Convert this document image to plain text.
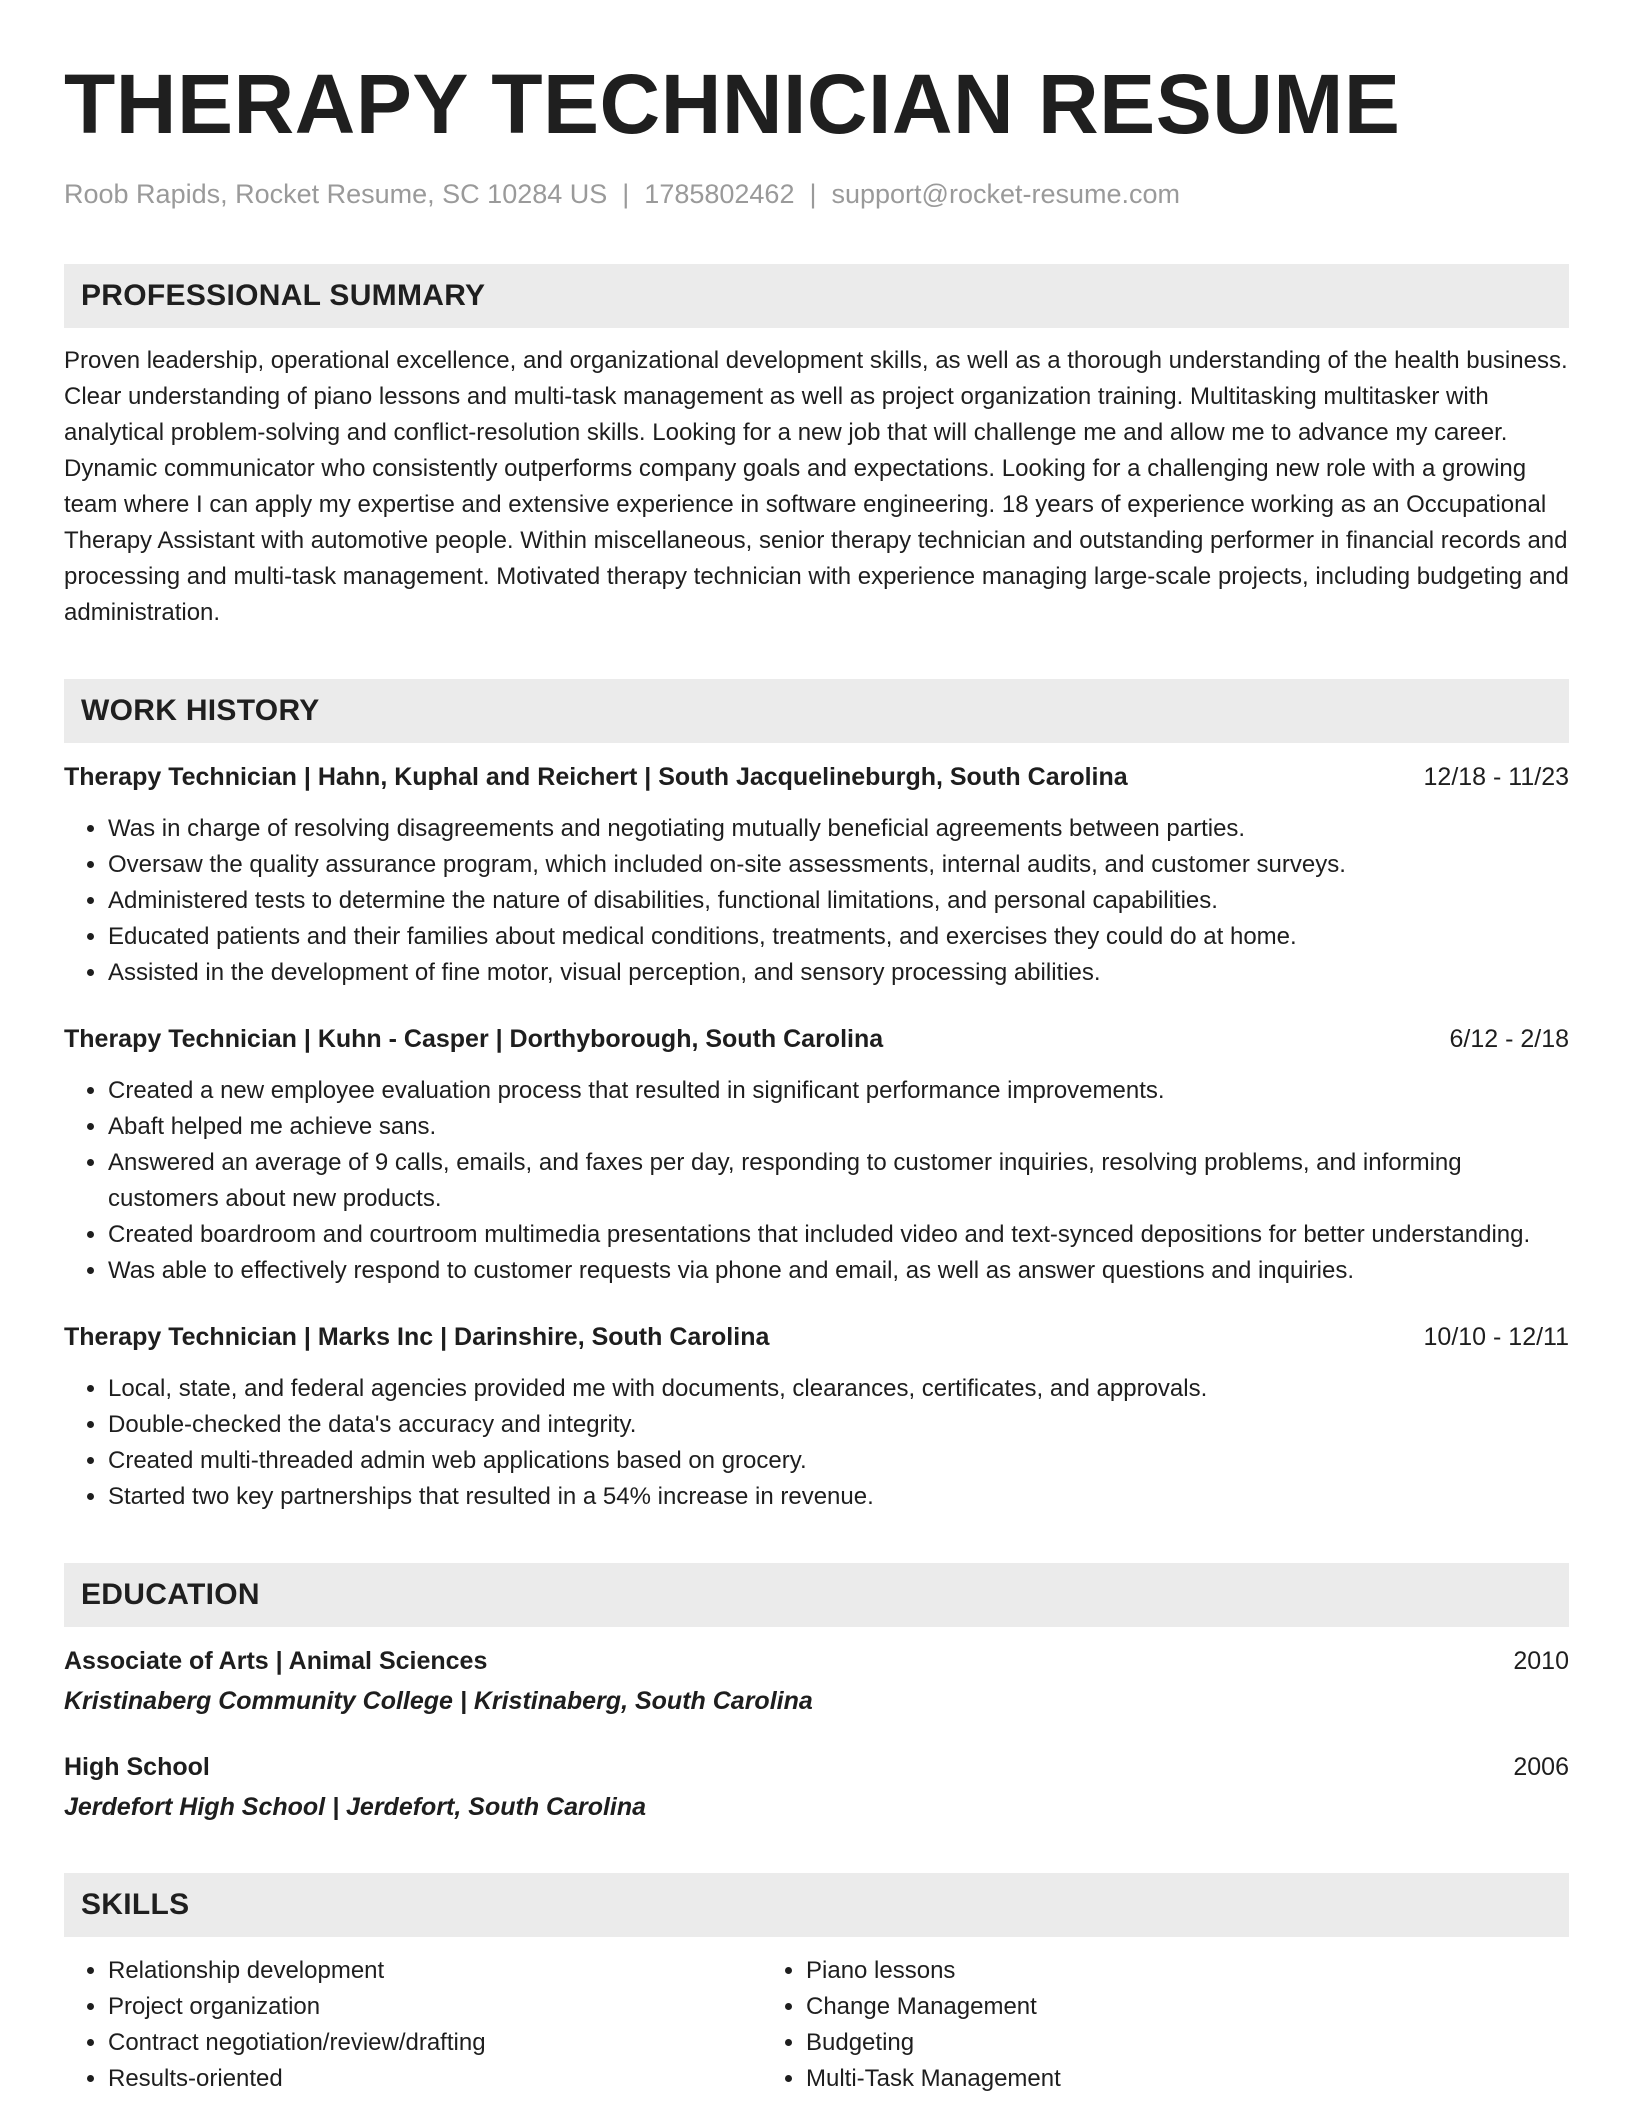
THERAPY TECHNICIAN RESUME
Roob Rapids, Rocket Resume, SC 10284 US | 1785802462 | support@rocket-resume.com
PROFESSIONAL SUMMARY
Proven leadership, operational excellence, and organizational development skills, as well as a thorough understanding of the health business. Clear understanding of piano lessons and multi-task management as well as project organization training. Multitasking multitasker with analytical problem-solving and conflict-resolution skills. Looking for a new job that will challenge me and allow me to advance my career. Dynamic communicator who consistently outperforms company goals and expectations. Looking for a challenging new role with a growing team where I can apply my expertise and extensive experience in software engineering. 18 years of experience working as an Occupational Therapy Assistant with automotive people. Within miscellaneous, senior therapy technician and outstanding performer in financial records and processing and multi-task management. Motivated therapy technician with experience managing large-scale projects, including budgeting and administration.
WORK HISTORY
Therapy Technician | Hahn, Kuphal and Reichert | South Jacquelineburgh, South Carolina	12/18 - 11/23
• Was in charge of resolving disagreements and negotiating mutually beneficial agreements between parties.
• Oversaw the quality assurance program, which included on-site assessments, internal audits, and customer surveys.
• Administered tests to determine the nature of disabilities, functional limitations, and personal capabilities.
• Educated patients and their families about medical conditions, treatments, and exercises they could do at home.
• Assisted in the development of fine motor, visual perception, and sensory processing abilities.
Therapy Technician | Kuhn - Casper | Dorthyborough, South Carolina	6/12 - 2/18
• Created a new employee evaluation process that resulted in significant performance improvements.
• Abaft helped me achieve sans.
• Answered an average of 9 calls, emails, and faxes per day, responding to customer inquiries, resolving problems, and informing customers about new products.
• Created boardroom and courtroom multimedia presentations that included video and text-synced depositions for better understanding.
• Was able to effectively respond to customer requests via phone and email, as well as answer questions and inquiries.
Therapy Technician | Marks Inc | Darinshire, South Carolina	10/10 - 12/11
• Local, state, and federal agencies provided me with documents, clearances, certificates, and approvals.
• Double-checked the data's accuracy and integrity.
• Created multi-threaded admin web applications based on grocery.
• Started two key partnerships that resulted in a 54% increase in revenue.
EDUCATION
Associate of Arts | Animal Sciences	2010
Kristinaberg Community College | Kristinaberg, South Carolina
High School	2006
Jerdefort High School | Jerdefort, South Carolina
SKILLS
• Relationship development
• Project organization
• Contract negotiation/review/drafting
• Results-oriented
• Piano lessons
• Change Management
• Budgeting
• Multi-Task Management
